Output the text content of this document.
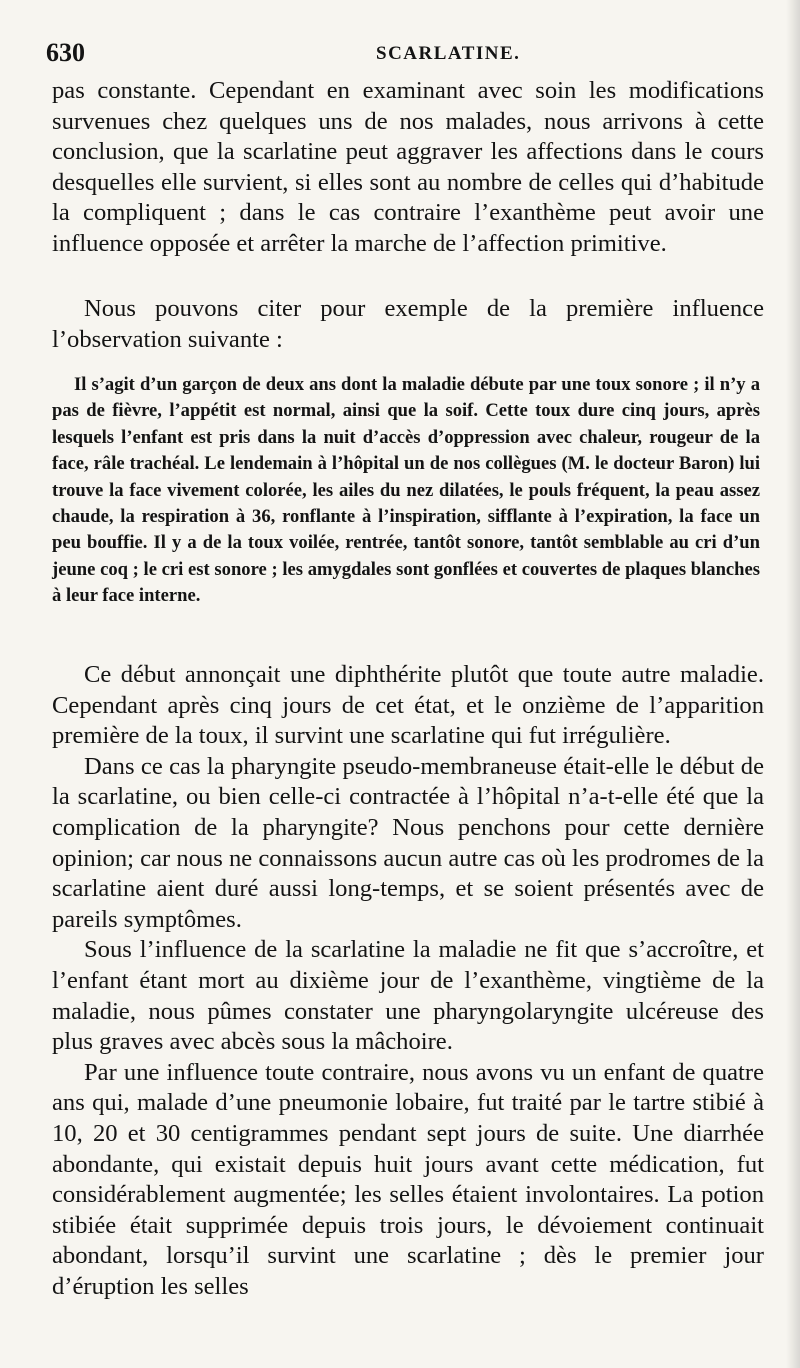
630	SCARLATINE.

pas constante. Cependant en examinant avec soin les modifications survenues chez quelques uns de nos malades, nous arrivons à cette conclusion, que la scarlatine peut aggraver les affections dans le cours desquelles elle survient, si elles sont au nombre de celles qui d’habitude la compliquent ; dans le cas contraire l’exanthème peut avoir une influence opposée et arrêter la marche de l’affection primitive.

Nous pouvons citer pour exemple de la première influence l’observation suivante :

Il s’agit d’un garçon de deux ans dont la maladie débute par une toux sonore ; il n’y a pas de fièvre, l’appétit est normal, ainsi que la soif. Cette toux dure cinq jours, après lesquels l’enfant est pris dans la nuit d’accès d’oppression avec chaleur, rougeur de la face, râle trachéal. Le lendemain à l’hôpital un de nos collègues (M. le docteur Baron) lui trouve la face vivement colorée, les ailes du nez dilatées, le pouls fréquent, la peau assez chaude, la respiration à 36, ronflante à l’inspiration, sifflante à l’expiration, la face un peu bouffie. Il y a de la toux voilée, rentrée, tantôt sonore, tantôt semblable au cri d’un jeune coq ; le cri est sonore ; les amygdales sont gonflées et couvertes de plaques blanches à leur face interne.

Ce début annonçait une diphthérite plutôt que toute autre maladie. Cependant après cinq jours de cet état, et le onzième de l’apparition première de la toux, il survint une scarlatine qui fut irrégulière.

Dans ce cas la pharyngite pseudo-membraneuse était-elle le début de la scarlatine, ou bien celle-ci contractée à l’hôpital n’a-t-elle été que la complication de la pharyngite? Nous penchons pour cette dernière opinion; car nous ne connaissons aucun autre cas où les prodromes de la scarlatine aient duré aussi long-temps, et se soient présentés avec de pareils symptômes.

Sous l’influence de la scarlatine la maladie ne fit que s’accroître, et l’enfant étant mort au dixième jour de l’exanthème, vingtième de la maladie, nous pûmes constater une pharyngolaryngite ulcéreuse des plus graves avec abcès sous la mâchoire.

Par une influence toute contraire, nous avons vu un enfant de quatre ans qui, malade d’une pneumonie lobaire, fut traité par le tartre stibié à 10, 20 et 30 centigrammes pendant sept jours de suite. Une diarrhée abondante, qui existait depuis huit jours avant cette médication, fut considérablement augmentée; les selles étaient involontaires. La potion stibiée était supprimée depuis trois jours, le dévoiement continuait abondant, lorsqu’il survint une scarlatine ; dès le premier jour d’éruption les selles
